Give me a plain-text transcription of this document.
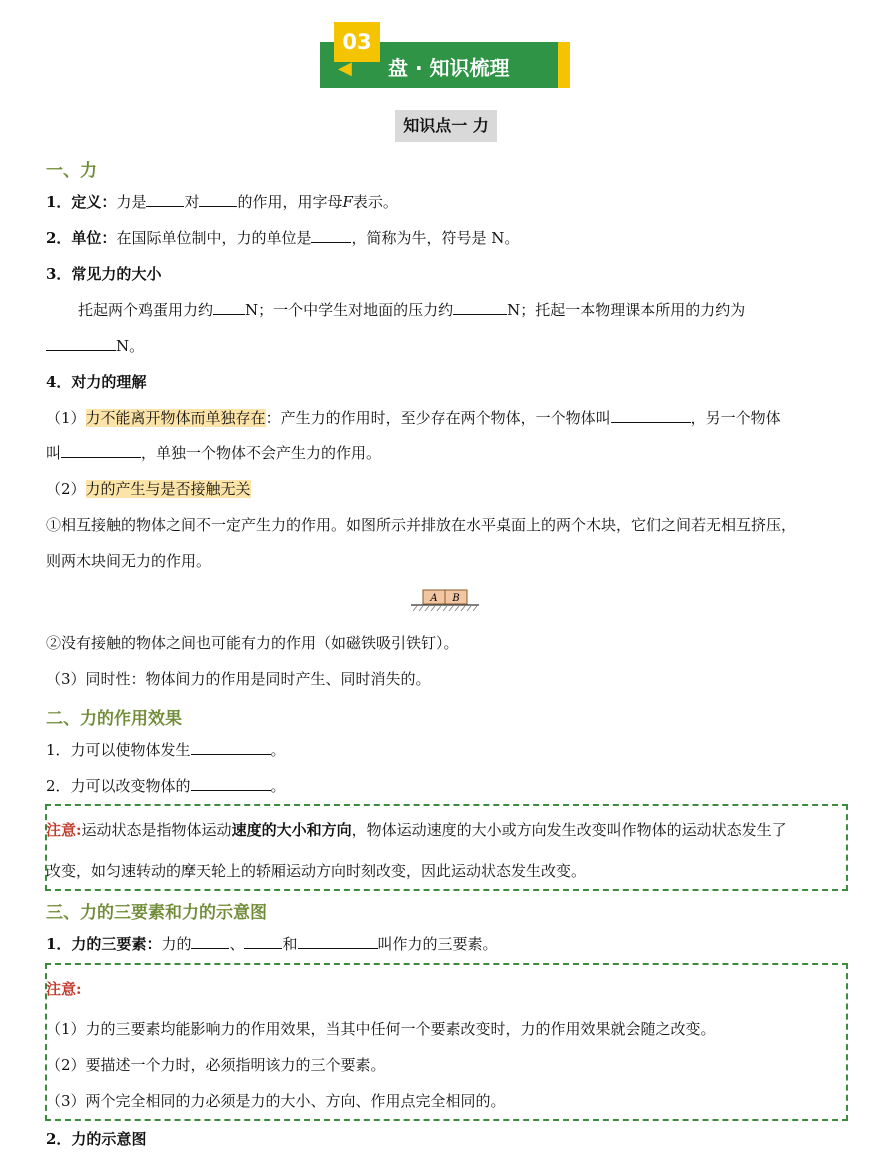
03
◀ 盘 · 知识梳理
知识点一 力
一、力
1．定义：力是	对	的作用，用字母F表示。
2．单位：在国际单位制中，力的单位是	，简称为牛，符号是 N。
3．常见力的大小
托起两个鸡蛋用力约 N；一个中学生对地面的压力约	N；托起一本物理课本所用的力约为
N。
4．对力的理解
（1）力不能离开物体而单独存在：产生力的作用时，至少存在两个物体，一个物体叫	，另一个物体
叫	，单独一个物体不会产生力的作用。
（2）力的产生与是否接触无关
①相互接触的物体之间不一定产生力的作用。如图所示并排放在水平桌面上的两个木块，它们之间若无相互挤压，
则两木块间无力的作用。
A B
②没有接触的物体之间也可能有力的作用（如磁铁吸引铁钉）。
（3）同时性：物体间力的作用是同时产生、同时消失的。
二、力的作用效果
1．力可以使物体发生	。
2．力可以改变物体的	。
注意:运动状态是指物体运动速度的大小和方向，物体运动速度的大小或方向发生改变叫作物体的运动状态发生了
改变，如匀速转动的摩天轮上的轿厢运动方向时刻改变，因此运动状态发生改变。
三、力的三要素和力的示意图
1．力的三要素：力的	、	和	叫作力的三要素。
注意:
（1）力的三要素均能影响力的作用效果，当其中任何一个要素改变时，力的作用效果就会随之改变。
（2）要描述一个力时，必须指明该力的三个要素。
（3）两个完全相同的力必须是力的大小、方向、作用点完全相同的。
2．力的示意图
